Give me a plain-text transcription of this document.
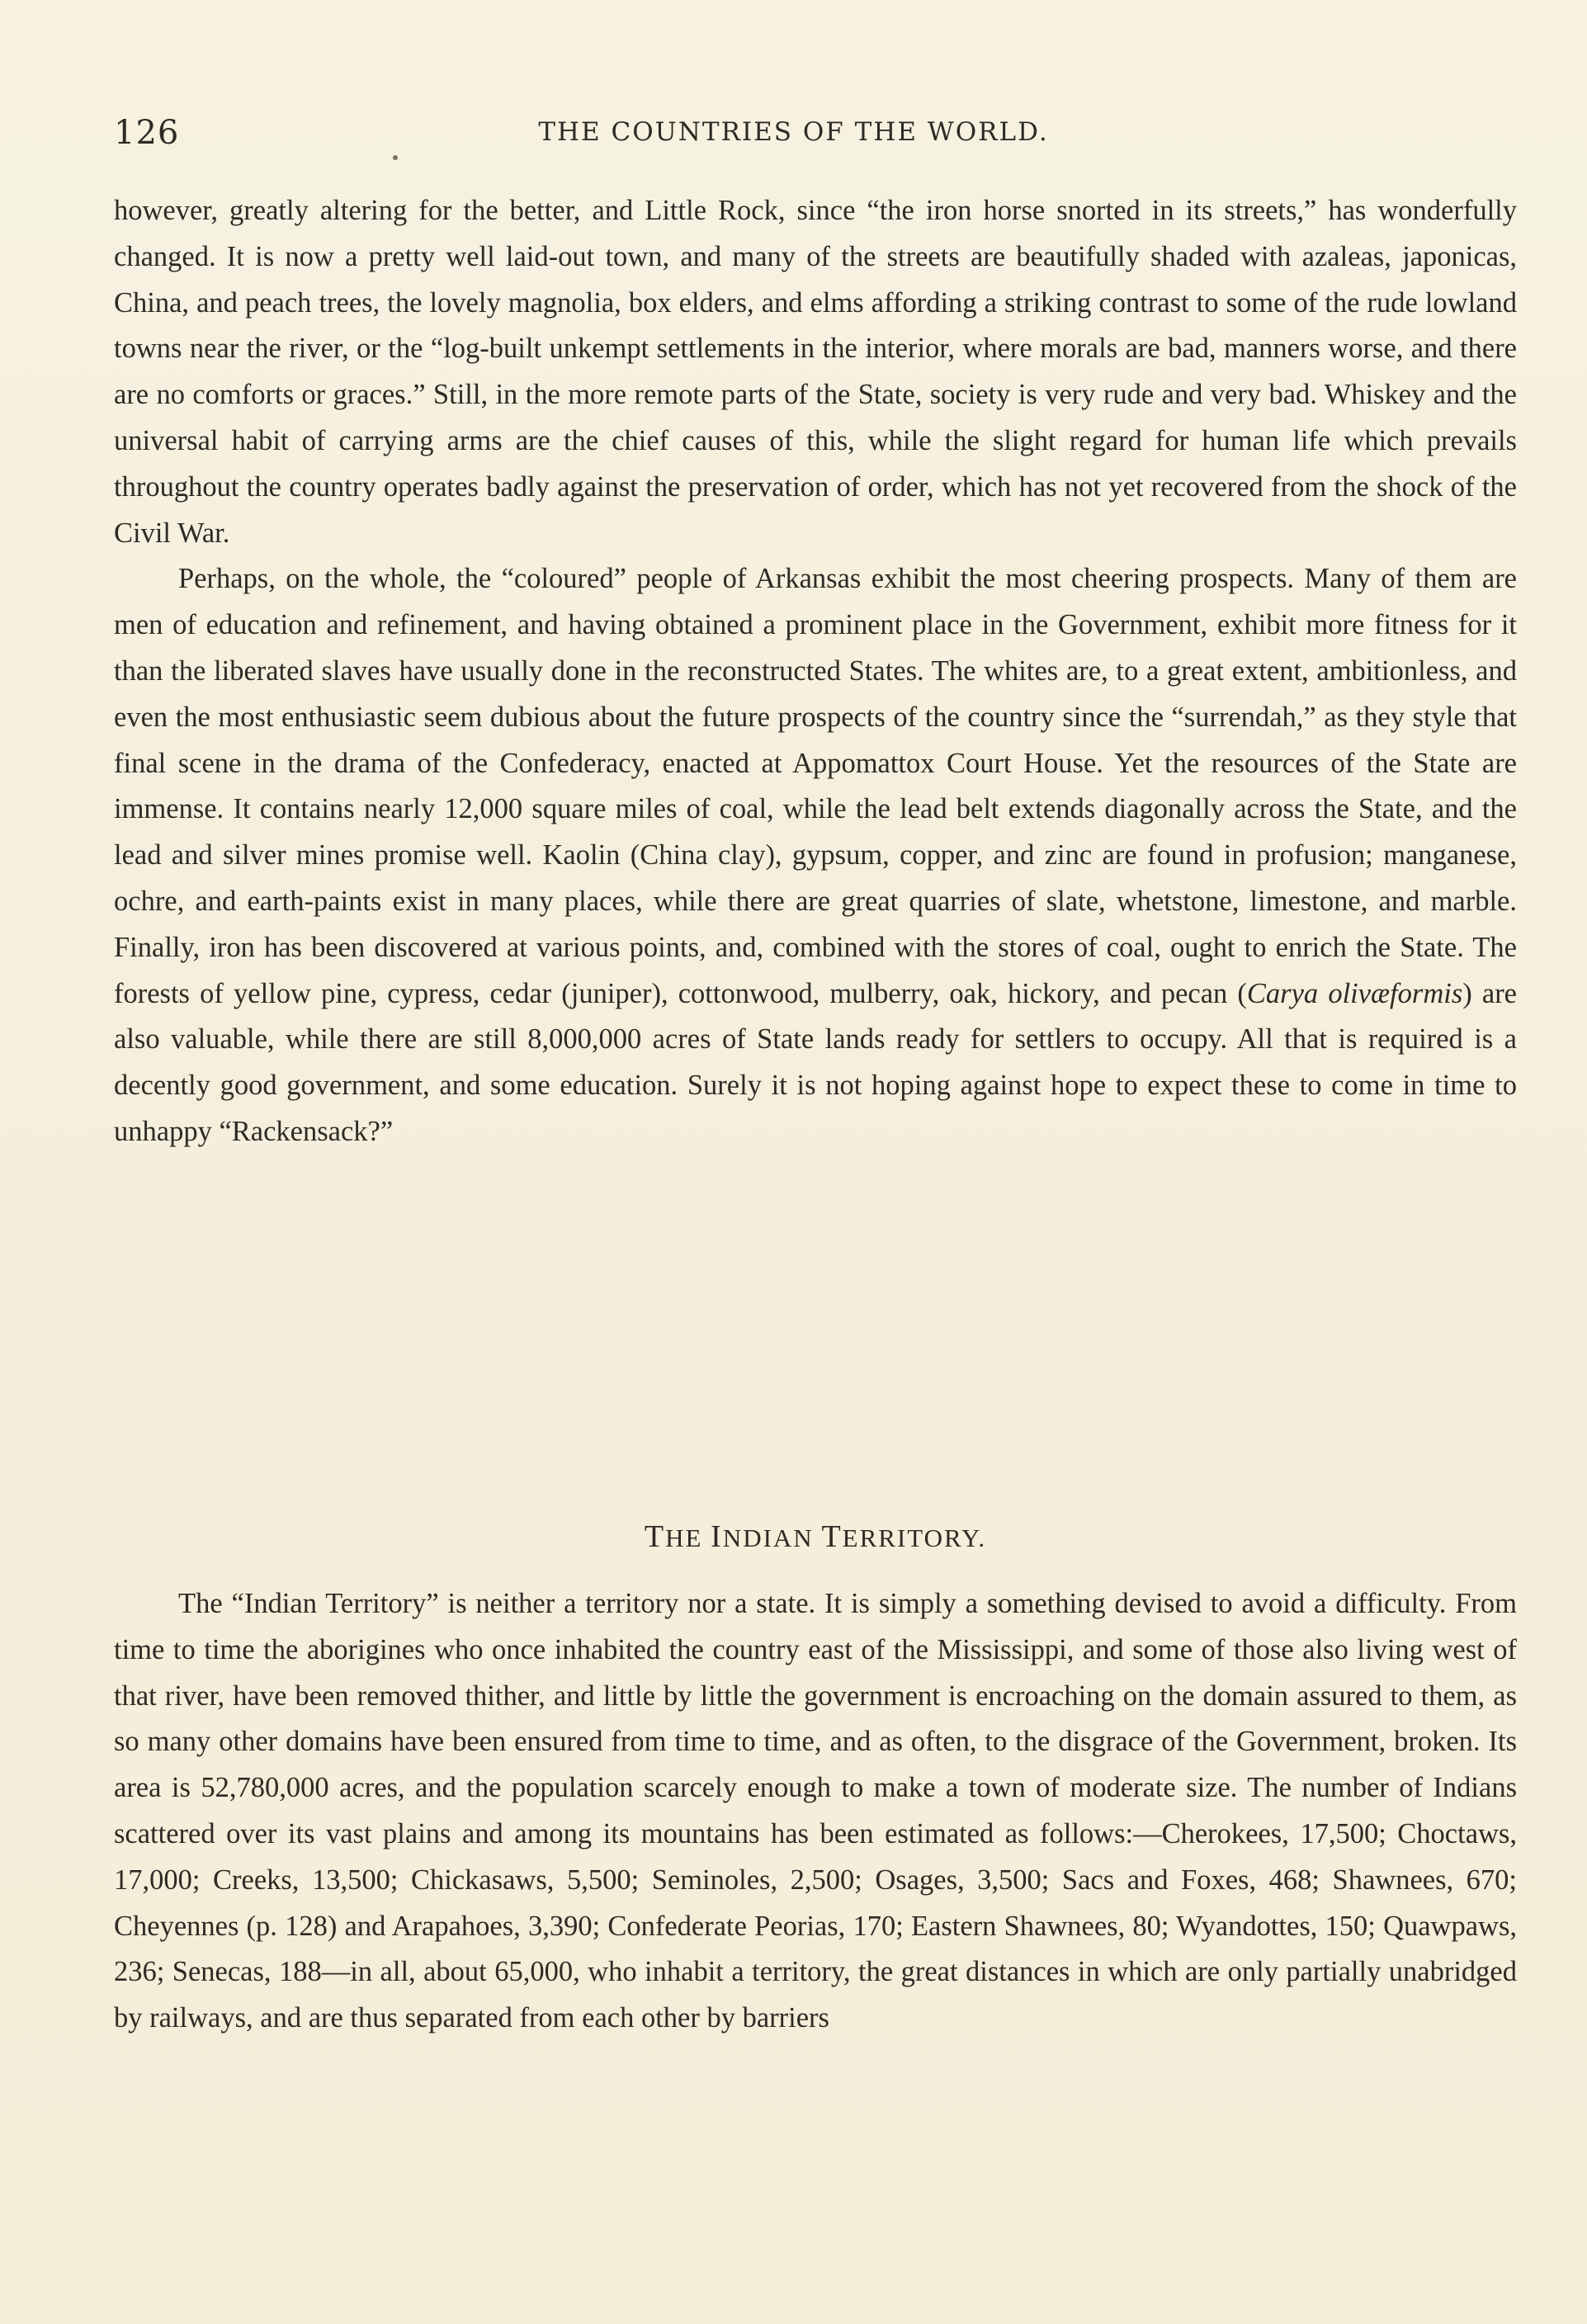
126	THE COUNTRIES OF THE WORLD.

however, greatly altering for the better, and Little Rock, since “the iron horse snorted in its streets,” has wonderfully changed. It is now a pretty well laid-out town, and many of the streets are beautifully shaded with azaleas, japonicas, China, and peach trees, the lovely magnolia, box elders, and elms affording a striking contrast to some of the rude lowland towns near the river, or the “log-built unkempt settlements in the interior, where morals are bad, manners worse, and there are no comforts or graces.” Still, in the more remote parts of the State, society is very rude and very bad. Whiskey and the universal habit of carrying arms are the chief causes of this, while the slight regard for human life which prevails throughout the country operates badly against the preservation of order, which has not yet recovered from the shock of the Civil War.

Perhaps, on the whole, the “coloured” people of Arkansas exhibit the most cheering prospects. Many of them are men of education and refinement, and having obtained a prominent place in the Government, exhibit more fitness for it than the liberated slaves have usually done in the reconstructed States. The whites are, to a great extent, ambitionless, and even the most enthusiastic seem dubious about the future prospects of the country since the “surrendah,” as they style that final scene in the drama of the Confederacy, enacted at Appomattox Court House. Yet the resources of the State are immense. It contains nearly 12,000 square miles of coal, while the lead belt extends diagonally across the State, and the lead and silver mines promise well. Kaolin (China clay), gypsum, copper, and zinc are found in profusion; manganese, ochre, and earth-paints exist in many places, while there are great quarries of slate, whetstone, limestone, and marble. Finally, iron has been discovered at various points, and, combined with the stores of coal, ought to enrich the State. The forests of yellow pine, cypress, cedar (juniper), cottonwood, mulberry, oak, hickory, and pecan (Carya olivæformis) are also valuable, while there are still 8,000,000 acres of State lands ready for settlers to occupy. All that is required is a decently good government, and some education. Surely it is not hoping against hope to expect these to come in time to unhappy “Rackensack?”

THE INDIAN TERRITORY.

The “Indian Territory” is neither a territory nor a state. It is simply a something devised to avoid a difficulty. From time to time the aborigines who once inhabited the country east of the Mississippi, and some of those also living west of that river, have been removed thither, and little by little the government is encroaching on the domain assured to them, as so many other domains have been ensured from time to time, and as often, to the disgrace of the Government, broken. Its area is 52,780,000 acres, and the population scarcely enough to make a town of moderate size. The number of Indians scattered over its vast plains and among its mountains has been estimated as follows:—Cherokees, 17,500; Choctaws, 17,000; Creeks, 13,500; Chickasaws, 5,500; Seminoles, 2,500; Osages, 3,500; Sacs and Foxes, 468; Shawnees, 670; Cheyennes (p. 128) and Arapahoes, 3,390; Confederate Peorias, 170; Eastern Shawnees, 80; Wyandottes, 150; Quawpaws, 236; Senecas, 188—in all, about 65,000, who inhabit a territory, the great distances in which are only partially unabridged by railways, and are thus separated from each other by barriers
